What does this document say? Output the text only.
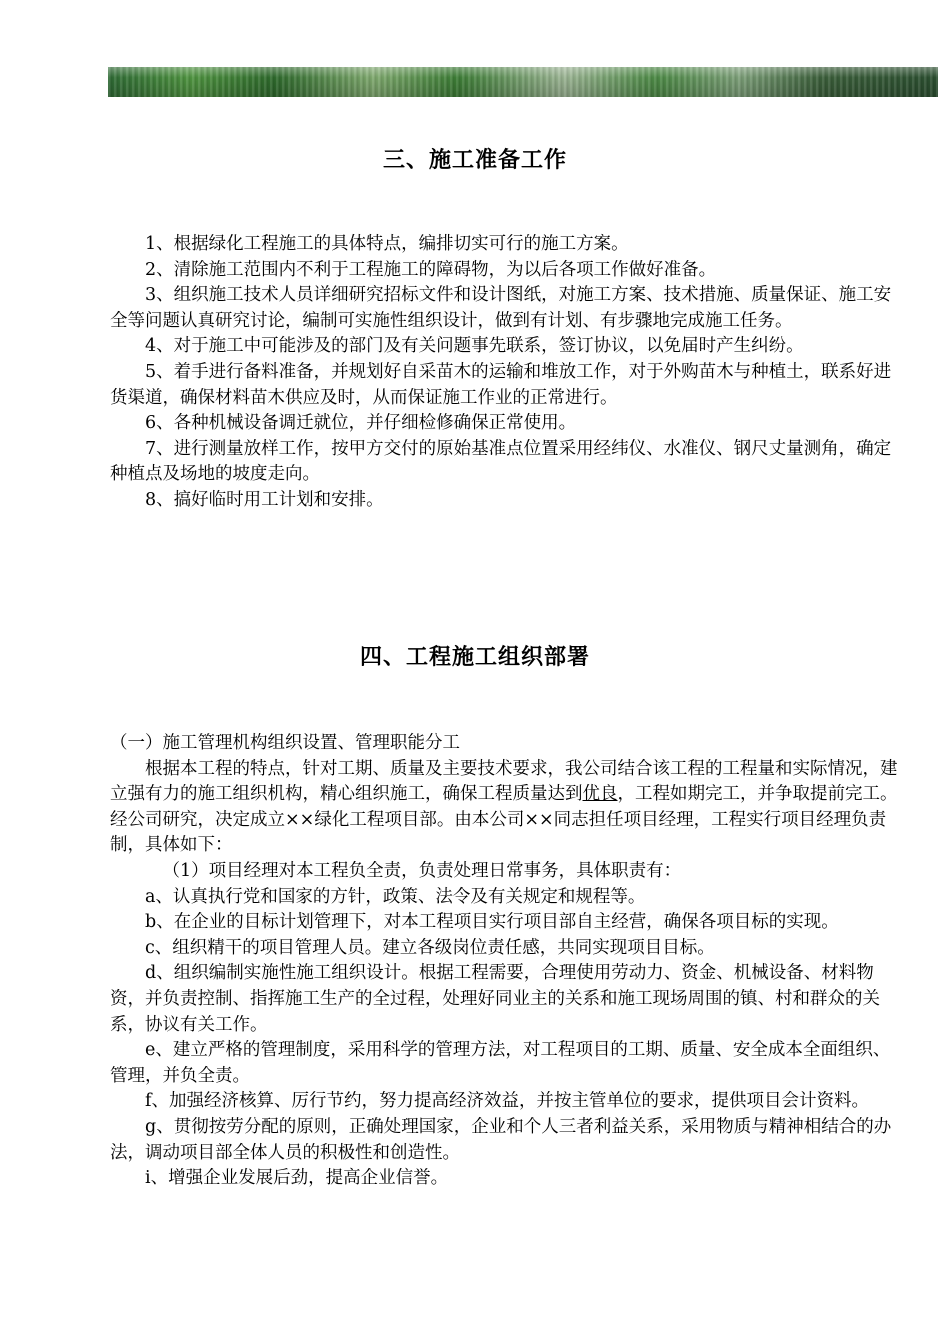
三、施工准备工作

1、根据绿化工程施工的具体特点，编排切实可行的施工方案。

2、清除施工范围内不利于工程施工的障碍物，为以后各项工作做好准备。

3、组织施工技术人员详细研究招标文件和设计图纸，对施工方案、技术措施、质量保证、施工安全等问题认真研究讨论，编制可实施性组织设计，做到有计划、有步骤地完成施工任务。

4、对于施工中可能涉及的部门及有关问题事先联系，签订协议，以免届时产生纠纷。

5、着手进行备料准备，并规划好自采苗木的运输和堆放工作，对于外购苗木与种植土，联系好进货渠道，确保材料苗木供应及时，从而保证施工作业的正常进行。

6、各种机械设备调迁就位，并仔细检修确保正常使用。

7、进行测量放样工作，按甲方交付的原始基准点位置采用经纬仪、水准仪、钢尺丈量测角，确定种植点及场地的坡度走向。

8、搞好临时用工计划和安排。

四、工程施工组织部署

（一）施工管理机构组织设置、管理职能分工

根据本工程的特点，针对工期、质量及主要技术要求，我公司结合该工程的工程量和实际情况，建立强有力的施工组织机构，精心组织施工，确保工程质量达到优良，工程如期完工，并争取提前完工。经公司研究，决定成立××绿化工程项目部。由本公司××同志担任项目经理，工程实行项目经理负责制，具体如下：

（1）项目经理对本工程负全责，负责处理日常事务，具体职责有：

a、认真执行党和国家的方针，政策、法令及有关规定和规程等。

b、在企业的目标计划管理下，对本工程项目实行项目部自主经营，确保各项目标的实现。

c、组织精干的项目管理人员。建立各级岗位责任感，共同实现项目目标。

d、组织编制实施性施工组织设计。根据工程需要，合理使用劳动力、资金、机械设备、材料物资，并负责控制、指挥施工生产的全过程，处理好同业主的关系和施工现场周围的镇、村和群众的关系，协议有关工作。

e、建立严格的管理制度，采用科学的管理方法，对工程项目的工期、质量、安全成本全面组织、管理，并负全责。

f、加强经济核算、厉行节约，努力提高经济效益，并按主管单位的要求，提供项目会计资料。

g、贯彻按劳分配的原则，正确处理国家，企业和个人三者利益关系，采用物质与精神相结合的办法，调动项目部全体人员的积极性和创造性。

i、增强企业发展后劲，提高企业信誉。
